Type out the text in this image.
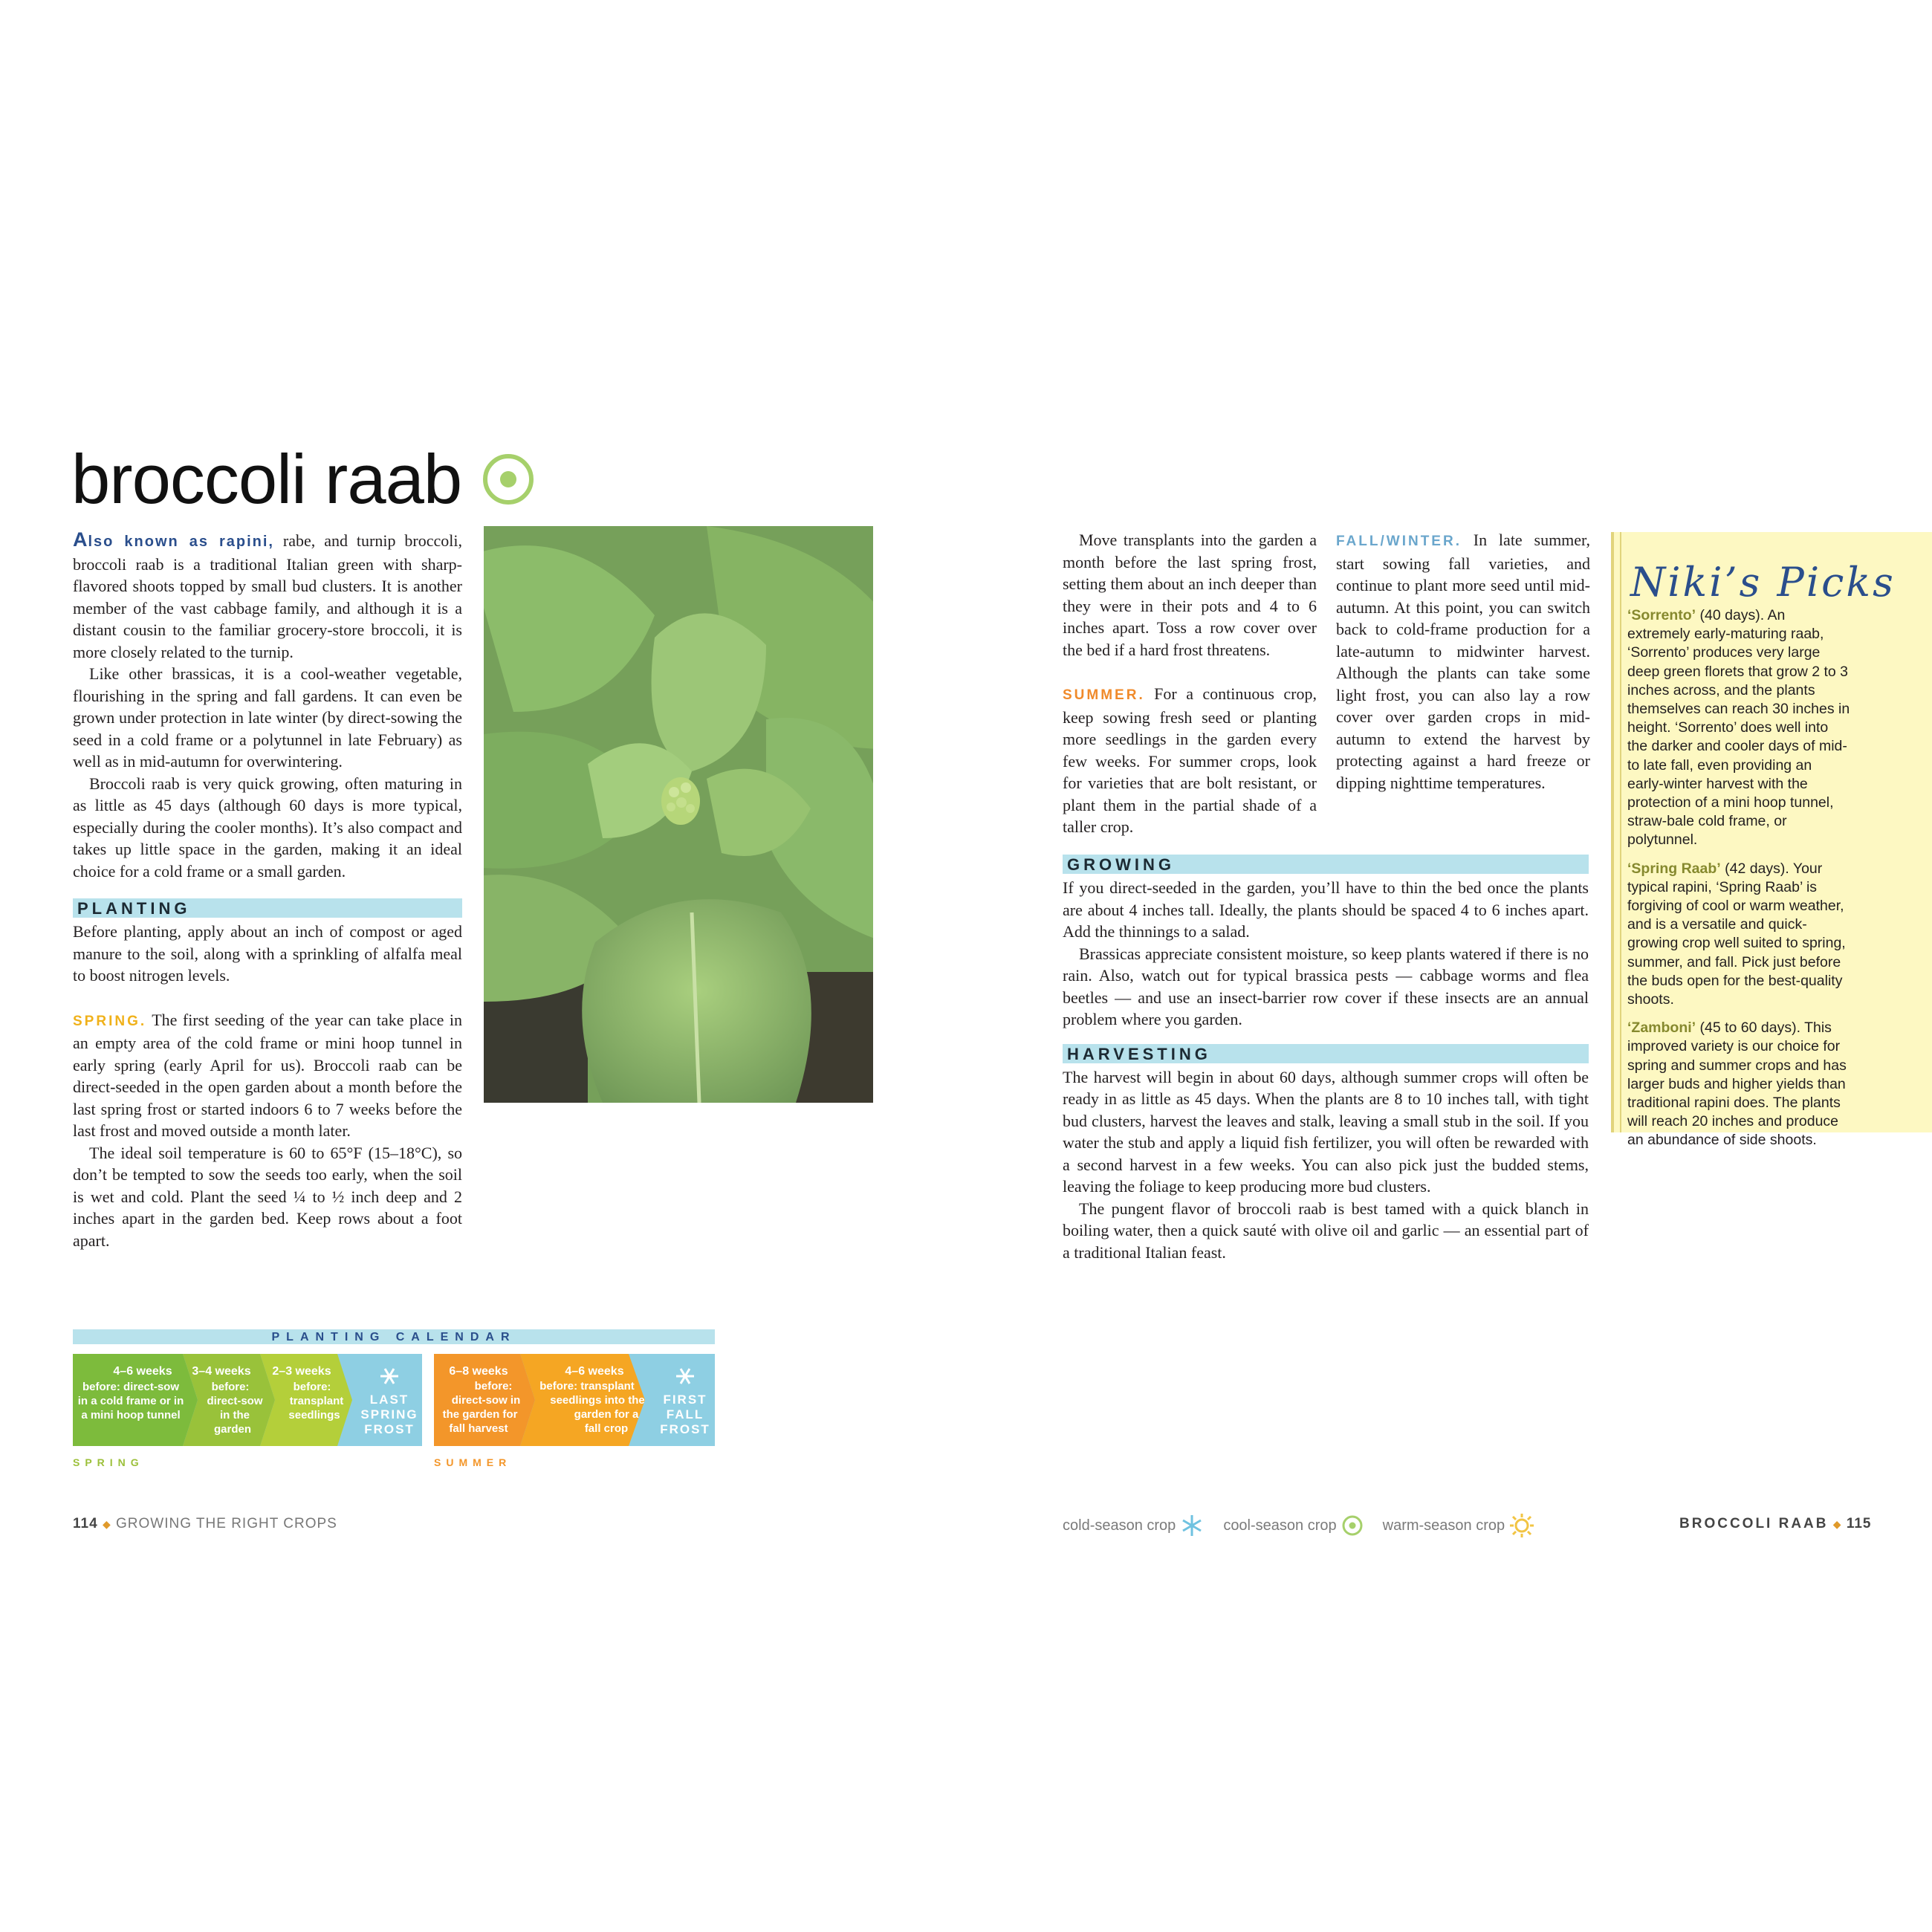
broccoli raab

Also known as rapini, rabe, and turnip broccoli, broccoli raab is a traditional Italian green with sharp-flavored shoots topped by small bud clusters. It is another member of the vast cabbage family, and although it is a distant cousin to the familiar grocery-store broccoli, it is more closely related to the turnip.

Like other brassicas, it is a cool-weather vegetable, flourishing in the spring and fall gardens. It can even be grown under protection in late winter (by direct-sowing the seed in a cold frame or a polytunnel in late February) as well as in mid-autumn for overwintering.

Broccoli raab is very quick growing, often maturing in as little as 45 days (although 60 days is more typical, especially during the cooler months). It’s also compact and takes up little space in the garden, making it an ideal choice for a cold frame or a small garden.

PLANTING

Before planting, apply about an inch of compost or aged manure to the soil, along with a sprinkling of alfalfa meal to boost nitrogen levels.

SPRING. The first seeding of the year can take place in an empty area of the cold frame or mini hoop tunnel in early spring (early April for us). Broccoli raab can be direct-seeded in the open garden about a month before the last spring frost or started indoors 6 to 7 weeks before the last frost and moved outside a month later.

The ideal soil temperature is 60 to 65°F (15–18°C), so don’t be tempted to sow the seeds too early, when the soil is wet and cold. Plant the seed ¼ to ½ inch deep and 2 inches apart in the garden bed. Keep rows about a foot apart.

PLANTING CALENDAR
4–6 weeks
before: direct-sow
in a cold frame or in
a mini hoop tunnel
3–4 weeks
before:
direct-sow
in the
garden
2–3 weeks
before:
transplant
seedlings
LAST
SPRING
FROST
6–8 weeks
before:
direct-sow in
the garden for
fall harvest
4–6 weeks
before: transplant
seedlings into the
garden for a
fall crop
FIRST
FALL
FROST
SPRING	SUMMER
114 ◆ GROWING THE RIGHT CROPS

Move transplants into the garden a month before the last spring frost, setting them about an inch deeper than they were in their pots and 4 to 6 inches apart. Toss a row cover over the bed if a hard frost threatens.

SUMMER. For a continuous crop, keep sowing fresh seed or planting more seedlings in the garden every few weeks. For summer crops, look for varieties that are bolt resistant, or plant them in the partial shade of a taller crop.

FALL/WINTER. In late summer, start sowing fall varieties, and continue to plant more seed until mid-autumn. At this point, you can switch back to cold-frame production for a late-autumn to midwinter harvest. Although the plants can take some light frost, you can also lay a row cover over garden crops in mid-autumn to extend the harvest by protecting against a hard freeze or dipping nighttime temperatures.

GROWING

If you direct-seeded in the garden, you’ll have to thin the bed once the plants are about 4 inches tall. Ideally, the plants should be spaced 4 to 6 inches apart. Add the thinnings to a salad.

Brassicas appreciate consistent moisture, so keep plants watered if there is no rain. Also, watch out for typical brassica pests — cabbage worms and flea beetles — and use an insect-barrier row cover if these insects are an annual problem where you garden.

HARVESTING

The harvest will begin in about 60 days, although summer crops will often be ready in as little as 45 days. When the plants are 8 to 10 inches tall, with tight bud clusters, harvest the leaves and stalk, leaving a small stub in the soil. If you water the stub and apply a liquid fish fertilizer, you will often be rewarded with a second harvest in a few weeks. You can also pick just the budded stems, leaving the foliage to keep producing more bud clusters.

The pungent flavor of broccoli raab is best tamed with a quick blanch in boiling water, then a quick sauté with olive oil and garlic — an essential part of a traditional Italian feast.

Niki’s Picks

‘Sorrento’ (40 days). An extremely early-maturing raab, ‘Sorrento’ produces very large deep green florets that grow 2 to 3 inches across, and the plants themselves can reach 30 inches in height. ‘Sorrento’ does well into the darker and cooler days of mid- to late fall, even providing an early-winter harvest with the protection of a mini hoop tunnel, straw-bale cold frame, or polytunnel.

‘Spring Raab’ (42 days). Your typical rapini, ‘Spring Raab’ is forgiving of cool or warm weather, and is a versatile and quick-growing crop well suited to spring, summer, and fall. Pick just before the buds open for the best-quality shoots.

‘Zamboni’ (45 to 60 days). This improved variety is our choice for spring and summer crops and has larger buds and higher yields than traditional rapini does. The plants will reach 20 inches and produce an abundance of side shoots.

cold-season crop	cool-season crop	warm-season crop	BROCCOLI RAAB ◆ 115
